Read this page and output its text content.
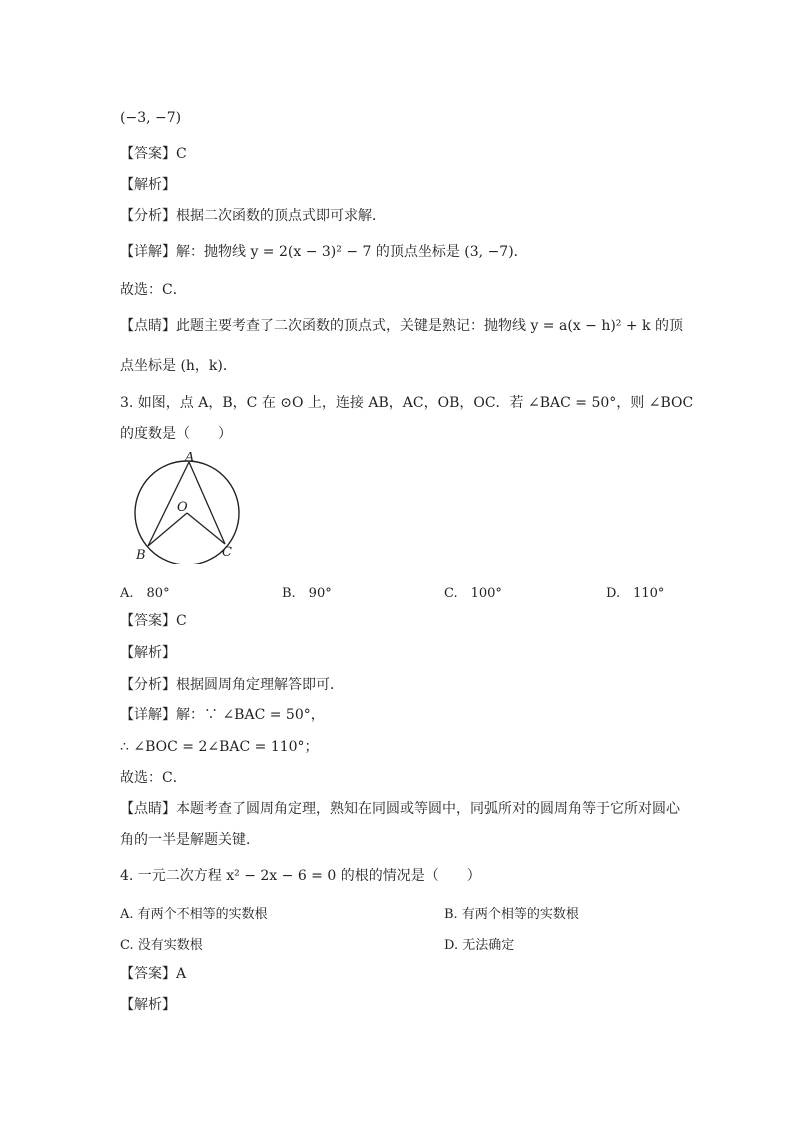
(−3, −7)
【答案】C
【解析】
【分析】根据二次函数的顶点式即可求解．
【详解】解：抛物线 y = 2(x − 3)² − 7 的顶点坐标是 (3, −7)．
故选：C．
【点睛】此题主要考查了二次函数的顶点式，关键是熟记：抛物线 y = a(x − h)² + k 的顶
点坐标是 (h，k)．
3. 如图，点 A，B，C 在 ⊙O 上，连接 AB，AC，OB，OC．若 ∠BAC = 50°，则 ∠BOC
的度数是（　　）
A
O
B	C
A.　80°	B.　90°	C.　100°	D.　110°
【答案】C
【解析】
【分析】根据圆周角定理解答即可．
【详解】解：∵ ∠BAC = 50°，
∴ ∠BOC = 2∠BAC = 110°；
故选：C．
【点睛】本题考查了圆周角定理，熟知在同圆或等圆中，同弧所对的圆周角等于它所对圆心
角的一半是解题关键．
4. 一元二次方程 x² − 2x − 6 = 0 的根的情况是（　　）
A. 有两个不相等的实数根	B. 有两个相等的实数根
C. 没有实数根	D. 无法确定
【答案】A
【解析】
